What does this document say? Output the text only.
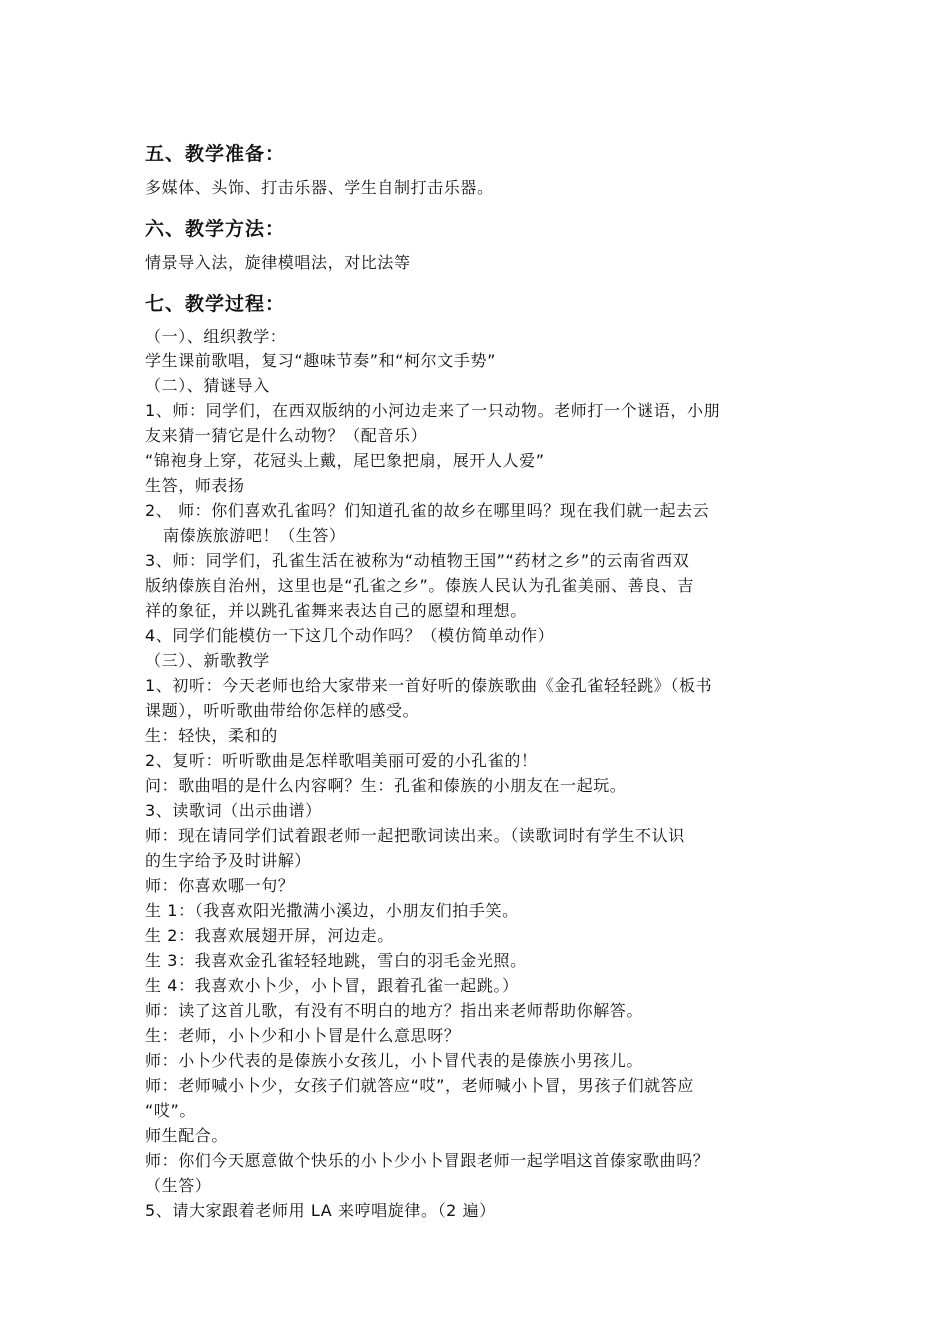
五、教学准备：
多媒体、头饰、打击乐器、学生自制打击乐器。
六、教学方法：
情景导入法，旋律模唱法，对比法等
七、教学过程：
（一）、组织教学：
学生课前歌唱，复习“趣味节奏”和“柯尔文手势”
（二）、猜谜导入
1、师：同学们，在西双版纳的小河边走来了一只动物。老师打一个谜语，小朋
友来猜一猜它是什么动物？（配音乐）
“锦袍身上穿，花冠头上戴，尾巴象把扇，展开人人爱”
生答，师表扬
2、 师：你们喜欢孔雀吗？们知道孔雀的故乡在哪里吗？现在我们就一起去云
南傣族旅游吧！（生答）
3、师：同学们，孔雀生活在被称为“动植物王国”“药材之乡”的云南省西双
版纳傣族自治州，这里也是“孔雀之乡”。傣族人民认为孔雀美丽、善良、吉
祥的象征，并以跳孔雀舞来表达自己的愿望和理想。
4、同学们能模仿一下这几个动作吗？（模仿简单动作）
（三）、新歌教学
1、初听：今天老师也给大家带来一首好听的傣族歌曲《金孔雀轻轻跳》（板书
课题），听听歌曲带给你怎样的感受。
生：轻快，柔和的
2、复听：听听歌曲是怎样歌唱美丽可爱的小孔雀的！
问：歌曲唱的是什么内容啊？生：孔雀和傣族的小朋友在一起玩。
3、读歌词（出示曲谱）
师：现在请同学们试着跟老师一起把歌词读出来。（读歌词时有学生不认识
的生字给予及时讲解）
师：你喜欢哪一句？
生 1：（我喜欢阳光撒满小溪边，小朋友们拍手笑。
生 2：我喜欢展翅开屏，河边走。
生 3：我喜欢金孔雀轻轻地跳，雪白的羽毛金光照。
生 4：我喜欢小卜少，小卜冒，跟着孔雀一起跳。）
师：读了这首儿歌，有没有不明白的地方？指出来老师帮助你解答。
生：老师，小卜少和小卜冒是什么意思呀？
师：小卜少代表的是傣族小女孩儿，小卜冒代表的是傣族小男孩儿。
师：老师喊小卜少，女孩子们就答应“哎”，老师喊小卜冒，男孩子们就答应
“哎”。
师生配合。
师：你们今天愿意做个快乐的小卜少小卜冒跟老师一起学唱这首傣家歌曲吗？
（生答）
5、请大家跟着老师用 LA 来哼唱旋律。（2 遍）
